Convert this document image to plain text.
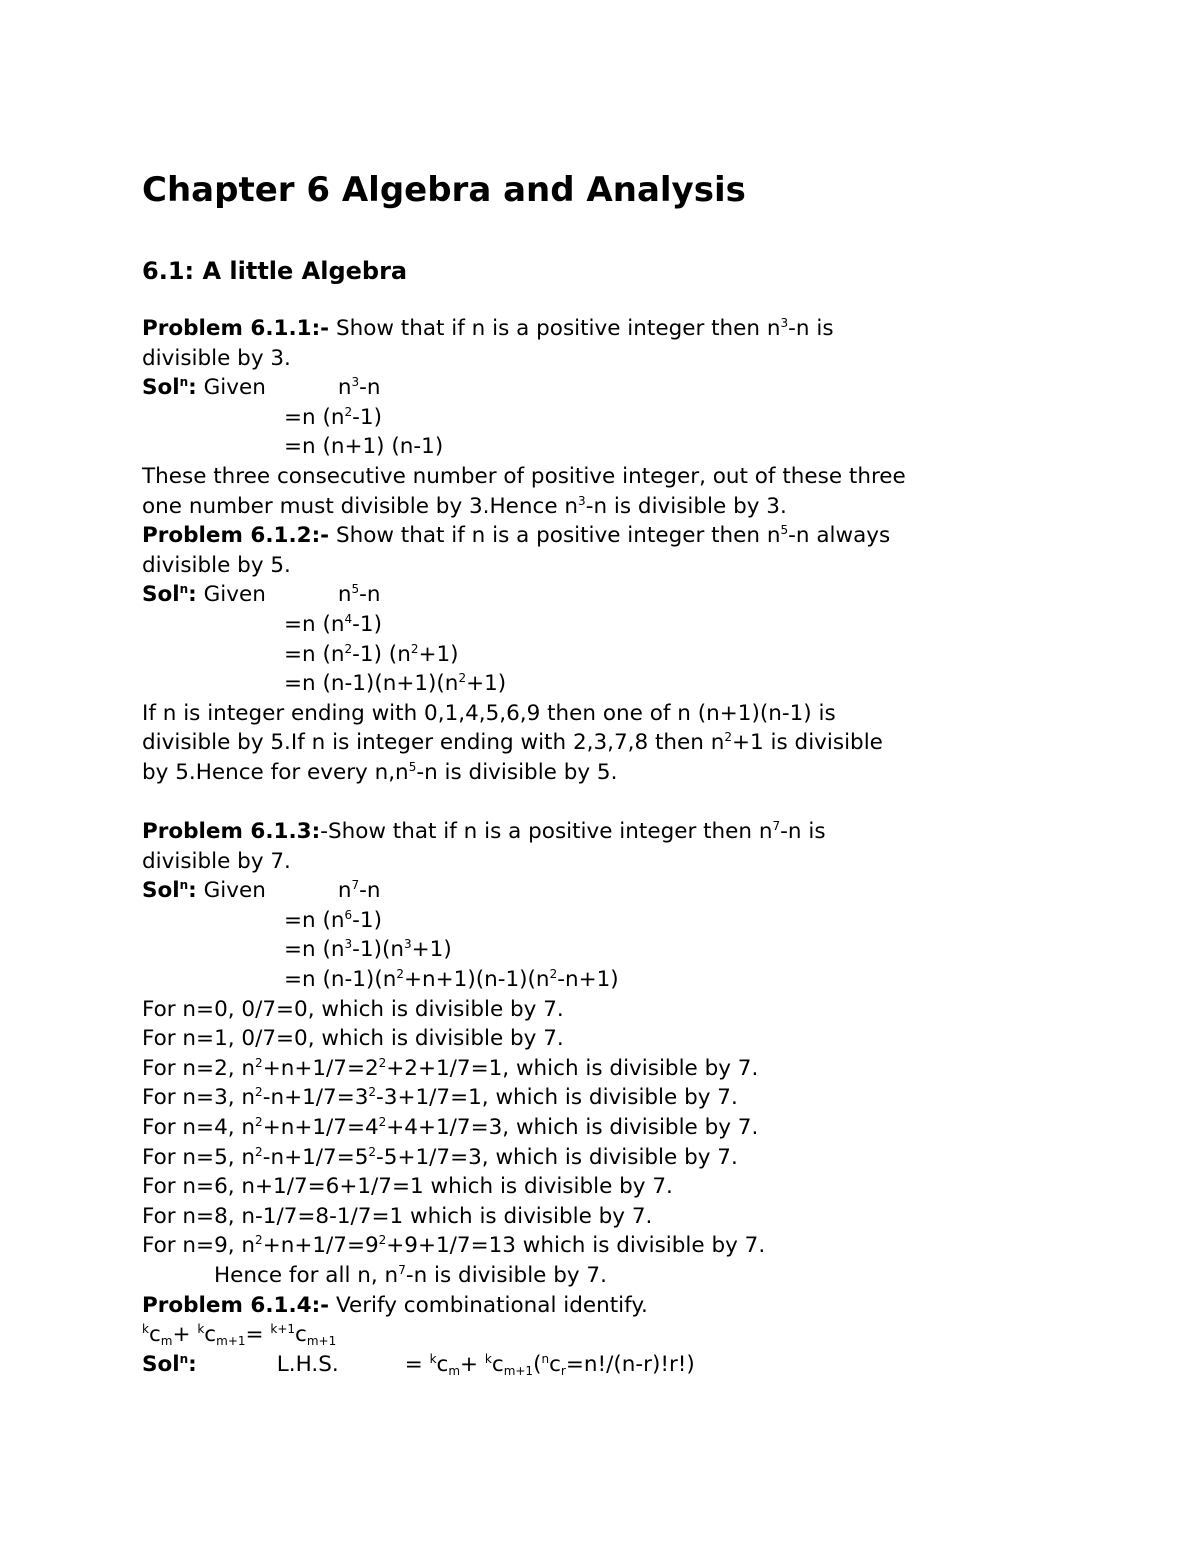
Chapter 6 Algebra and Analysis
6.1: A little Algebra
Problem 6.1.1:- Show that if n is a positive integer then $n^3-n$ is
divisible by 3.
Sol$^n$: Given	$n^3-n$
=n $(n^2-1)$
=n (n+1) (n-1)
These three consecutive number of positive integer, out of these three
one number must divisible by 3.Hence $n^3-n$ is divisible by 3.
Problem 6.1.2:- Show that if n is a positive integer then $n^5-n$ always
divisible by 5.
Sol$^n$: Given	$n^5-n$
=n $(n^4-1)$
=n $(n^2-1)$ $(n^2+1)$
=n $(n-1)(n+1)(n^2+1)$
If n is integer ending with 0,1,4,5,6,9 then one of n (n+1)(n-1) is
divisible by 5.If n is integer ending with 2,3,7,8 then $n^2+1$ is divisible
by 5.Hence for every $n,n^5-n$ is divisible by 5.
Problem 6.1.3:-Show that if n is a positive integer then $n^7-n$ is
divisible by 7.
Sol$^n$: Given	$n^7-n$
=n $(n^6-1)$
=n $(n^3-1)(n^3+1)$
=n $(n-1)(n^2+n+1)(n-1)(n^2-n+1)$
For n=0, 0/7=0, which is divisible by 7.
For n=1, 0/7=0, which is divisible by 7.
For n=2, $n^2+n+1/7=2^2+2+1/7=1$, which is divisible by 7.
For n=3, $n^2-n+1/7=3^2-3+1/7=1$, which is divisible by 7.
For n=4, $n^2+n+1/7=4^2+4+1/7=3$, which is divisible by 7.
For n=5, $n^2-n+1/7=5^2-5+1/7=3$, which is divisible by 7.
For n=6, n+1/7=6+1/7=1 which is divisible by 7.
For n=8, n-1/7=8-1/7=1 which is divisible by 7.
For n=9, $n^2+n+1/7=9^2+9+1/7=13$ which is divisible by 7.
Hence for all n, $n^7-n$ is divisible by 7.
Problem 6.1.4:- Verify combinational identify.
$^kc_m+ ^kc_{m+1}= ^{k+1}c_{m+1}$
Sol$^n$:	L.H.S.	= $^kc_m+ ^kc_{m+1}(^nc_r=n!/(n-r)!r!)$
